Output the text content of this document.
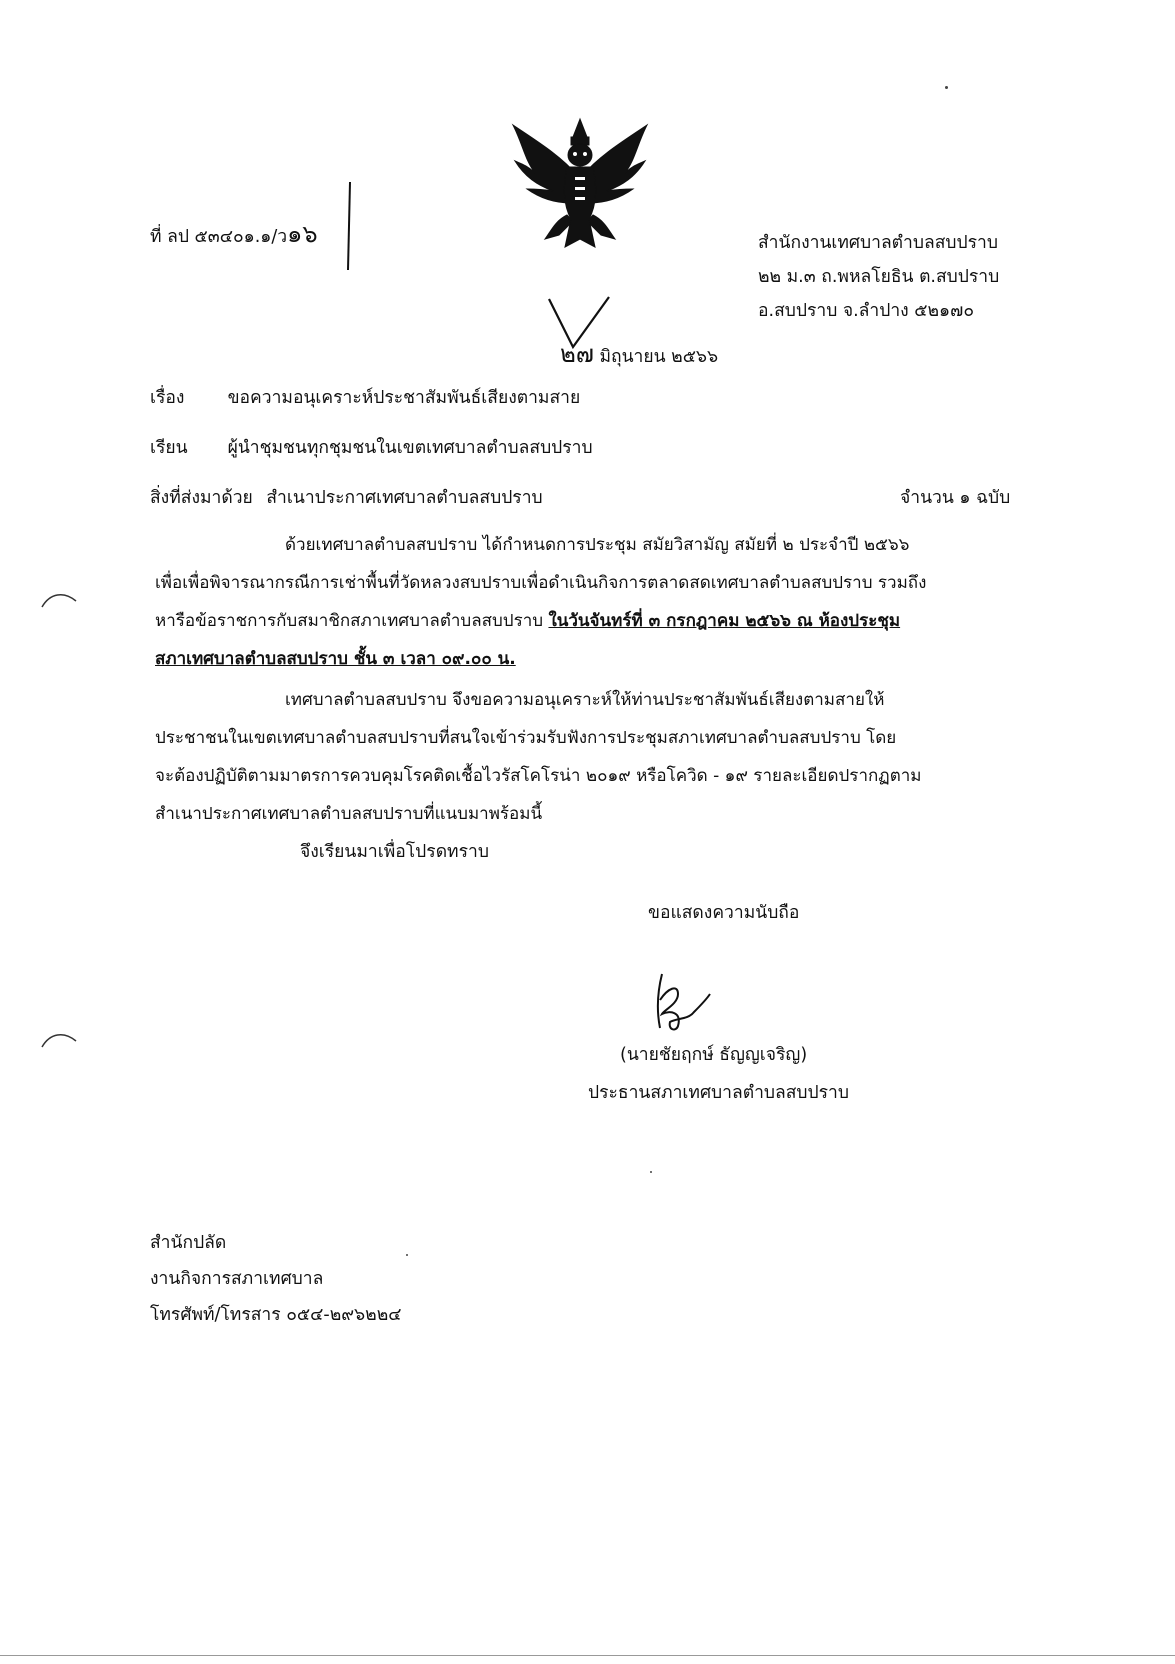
ที่ ลป ๕๓๔๐๑.๑/ว๑๖	สำนักงานเทศบาลตำบลสบปราบ
๒๒ ม.๓ ถ.พหลโยธิน ต.สบปราบ
อ.สบปราบ จ.ลำปาง ๕๒๑๗๐
๒๗ มิถุนายน ๒๕๖๖
เรื่อง ขอความอนุเคราะห์ประชาสัมพันธ์เสียงตามสาย
เรียน ผู้นำชุมชนทุกชุมชนในเขตเทศบาลตำบลสบปราบ
สิ่งที่ส่งมาด้วย สำเนาประกาศเทศบาลตำบลสบปราบ	จำนวน ๑ ฉบับ
ด้วยเทศบาลตำบลสบปราบ ได้กำหนดการประชุม สมัยวิสามัญ สมัยที่ ๒ ประจำปี ๒๕๖๖
เพื่อเพื่อพิจารณากรณีการเช่าพื้นที่วัดหลวงสบปราบเพื่อดำเนินกิจการตลาดสดเทศบาลตำบลสบปราบ รวมถึง
หารือข้อราชการกับสมาชิกสภาเทศบาลตำบลสบปราบ ในวันจันทร์ที่ ๓ กรกฎาคม ๒๕๖๖ ณ ห้องประชุม
สภาเทศบาลตำบลสบปราบ ชั้น ๓ เวลา ๐๙.๐๐ น.
เทศบาลตำบลสบปราบ จึงขอความอนุเคราะห์ให้ท่านประชาสัมพันธ์เสียงตามสายให้
ประชาชนในเขตเทศบาลตำบลสบปราบที่สนใจเข้าร่วมรับฟังการประชุมสภาเทศบาลตำบลสบปราบ โดย
จะต้องปฏิบัติตามมาตรการควบคุมโรคติดเชื้อไวรัสโคโรน่า ๒๐๑๙ หรือโควิด - ๑๙ รายละเอียดปรากฏตาม
สำเนาประกาศเทศบาลตำบลสบปราบที่แนบมาพร้อมนี้
จึงเรียนมาเพื่อโปรดทราบ
ขอแสดงความนับถือ
(นายชัยฤกษ์ ธัญญเจริญ)
ประธานสภาเทศบาลตำบลสบปราบ
สำนักปลัด
งานกิจการสภาเทศบาล
โทรศัพท์/โทรสาร ๐๕๔-๒๙๖๒๒๔
